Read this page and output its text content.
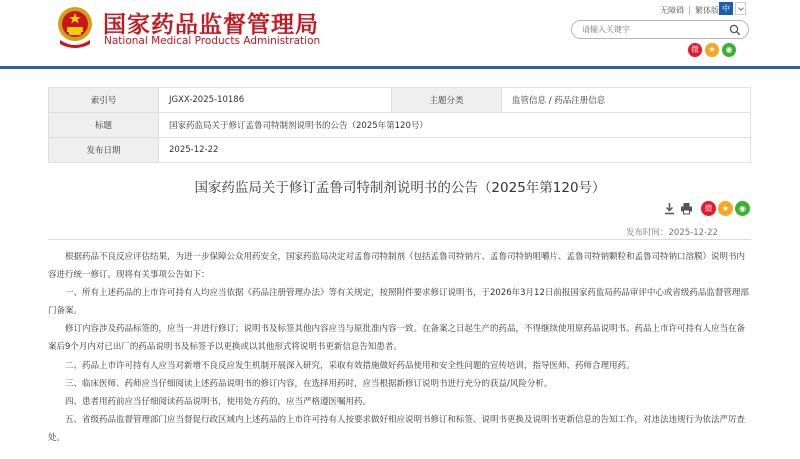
国家药品监督管理局
National Medical Products Administration
无障碍 繁体版 中
请输入关键字
微	★	◉
索引号	JGXX-2025-10186	主题分类	监管信息 / 药品注册信息
标题	国家药监局关于修订孟鲁司特制剂说明书的公告（2025年第120号）		
发布日期	2025-12-22		
国家药监局关于修订孟鲁司特制剂说明书的公告（2025年第120号）
微	★	◉
发布时间：2025-12-22

根据药品不良反应评估结果，为进一步保障公众用药安全，国家药监局决定对孟鲁司特制剂（包括孟鲁司特钠片、孟鲁司特钠咀嚼片、孟鲁司特钠颗粒和孟鲁司特钠口溶膜）说明书内容进行统一修订。现将有关事项公告如下：

一、所有上述药品的上市许可持有人均应当依据《药品注册管理办法》等有关规定，按照附件要求修订说明书，于2026年3月12日前报国家药监局药品审评中心或省级药品监督管理部门备案。

修订内容涉及药品标签的，应当一并进行修订；说明书及标签其他内容应当与原批准内容一致。在备案之日起生产的药品，不得继续使用原药品说明书。药品上市许可持有人应当在备案后9个月内对已出厂的药品说明书及标签予以更换或以其他形式将说明书更新信息告知患者。

二、药品上市许可持有人应当对新增不良反应发生机制开展深入研究，采取有效措施做好药品使用和安全性问题的宣传培训，指导医师、药师合理用药。

三、临床医师、药师应当仔细阅读上述药品说明书的修订内容，在选择用药时，应当根据新修订说明书进行充分的获益/风险分析。

四、患者用药前应当仔细阅读药品说明书，使用处方药的，应当严格遵医嘱用药。

五、省级药品监督管理部门应当督促行政区域内上述药品的上市许可持有人按要求做好相应说明书修订和标签、说明书更换及说明书更新信息的告知工作，对违法违规行为依法严厉查处。
